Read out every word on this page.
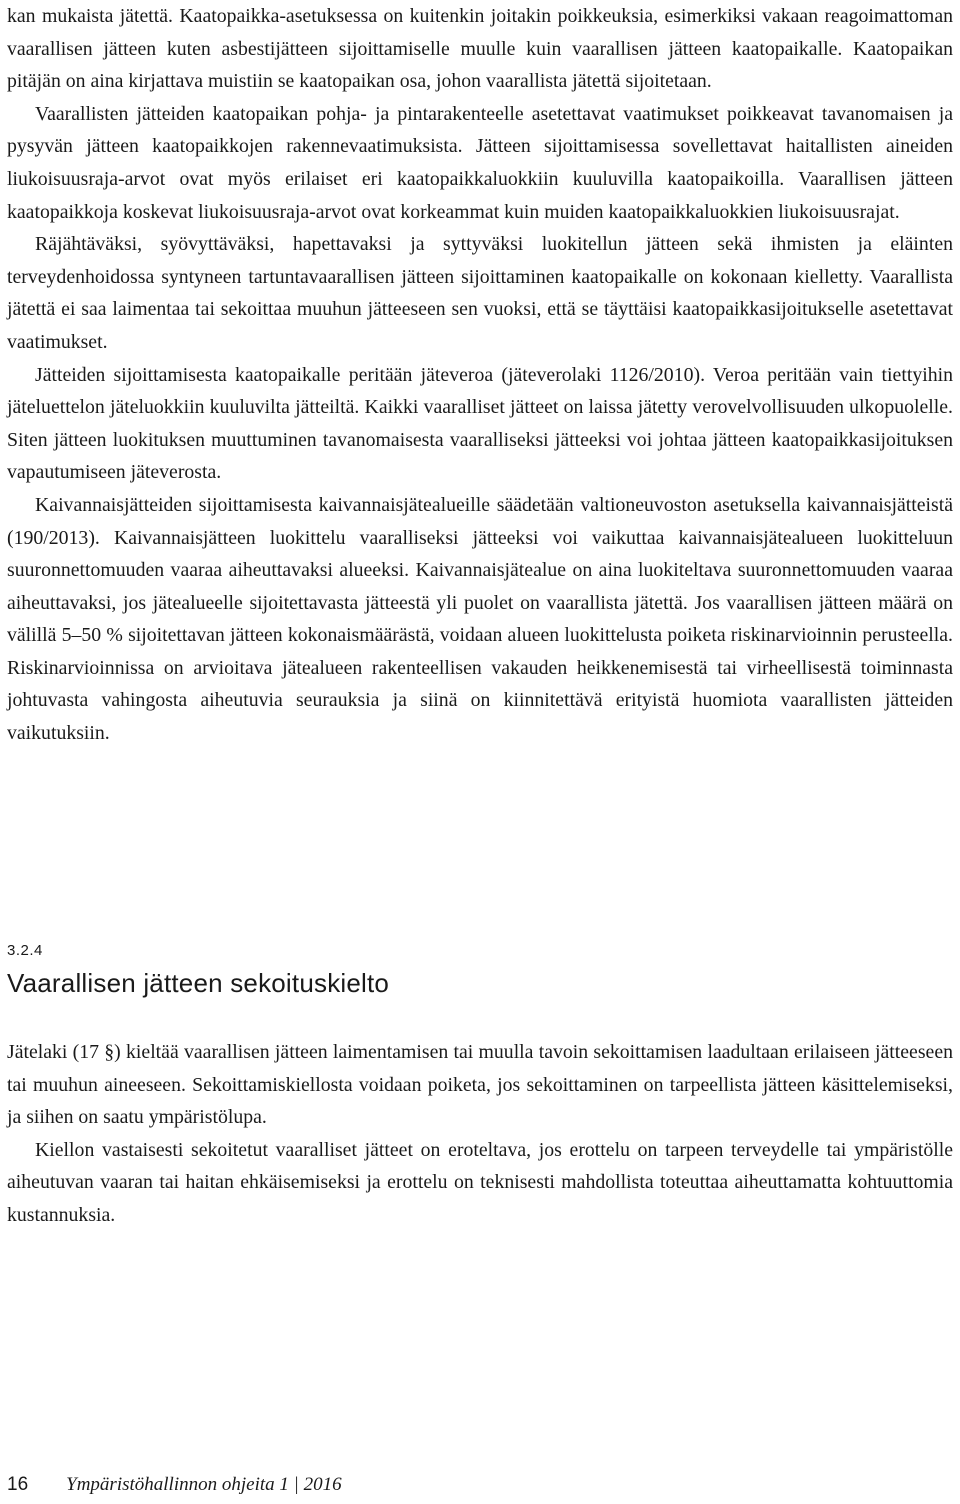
kan mukaista jätettä. Kaatopaikka-asetuksessa on kuitenkin joitakin poikkeuksia, esimerkiksi vakaan reagoimattoman vaarallisen jätteen kuten asbestijätteen sijoittamiselle muulle kuin vaarallisen jätteen kaatopaikalle. Kaatopaikan pitäjän on aina kirjattava muistiin se kaatopaikan osa, johon vaarallista jätettä sijoitetaan.

Vaarallisten jätteiden kaatopaikan pohja- ja pintarakenteelle asetettavat vaatimukset poikkeavat tavanomaisen ja pysyvän jätteen kaatopaikkojen rakennevaatimuksista. Jätteen sijoittamisessa sovellettavat haitallisten aineiden liukoisuusraja-arvot ovat myös erilaiset eri kaatopaikkaluokkiin kuuluvilla kaatopaikoilla. Vaarallisen jätteen kaatopaikkoja koskevat liukoisuusraja-arvot ovat korkeammat kuin muiden kaatopaikkaluokkien liukoisuusrajat.

Räjähtäväksi, syövyttäväksi, hapettavaksi ja syttyväksi luokitellun jätteen sekä ihmisten ja eläinten terveydenhoidossa syntyneen tartuntavaarallisen jätteen sijoittaminen kaatopaikalle on kokonaan kielletty. Vaarallista jätettä ei saa laimentaa tai sekoittaa muuhun jätteeseen sen vuoksi, että se täyttäisi kaatopaikkasijoitukselle asetettavat vaatimukset.

Jätteiden sijoittamisesta kaatopaikalle peritään jäteveroa (jäteverolaki 1126/2010). Veroa peritään vain tiettyihin jäteluettelon jäteluokkiin kuuluvilta jätteiltä. Kaikki vaaralliset jätteet on laissa jätetty verovelvollisuuden ulkopuolelle. Siten jätteen luokituksen muuttuminen tavanomaisesta vaaralliseksi jätteeksi voi johtaa jätteen kaatopaikkasijoituksen vapautumiseen jäteverosta.

Kaivannaisjätteiden sijoittamisesta kaivannaisjätealueille säädetään valtioneuvoston asetuksella kaivannaisjätteistä (190/2013). Kaivannaisjätteen luokittelu vaaralliseksi jätteeksi voi vaikuttaa kaivannaisjätealueen luokitteluun suuronnettomuuden vaaraa aiheuttavaksi alueeksi. Kaivannaisjätealue on aina luokiteltava suuronnettomuuden vaaraa aiheuttavaksi, jos jätealueelle sijoitettavasta jätteestä yli puolet on vaarallista jätettä. Jos vaarallisen jätteen määrä on välillä 5–50 % sijoitettavan jätteen kokonaismäärästä, voidaan alueen luokittelusta poiketa riskinarvioinnin perusteella. Riskinarvioinnissa on arvioitava jätealueen rakenteellisen vakauden heikkenemisestä tai virheellisestä toiminnasta johtuvasta vahingosta aiheutuvia seurauksia ja siinä on kiinnitettävä erityistä huomiota vaarallisten jätteiden vaikutuksiin.

3.2.4
Vaarallisen jätteen sekoituskielto

Jätelaki (17 §) kieltää vaarallisen jätteen laimentamisen tai muulla tavoin sekoittamisen laadultaan erilaiseen jätteeseen tai muuhun aineeseen. Sekoittamiskiellosta voidaan poiketa, jos sekoittaminen on tarpeellista jätteen käsittelemiseksi, ja siihen on saatu ympäristölupa.

Kiellon vastaisesti sekoitetut vaaralliset jätteet on eroteltava, jos erottelu on tarpeen terveydelle tai ympäristölle aiheutuvan vaaran tai haitan ehkäisemiseksi ja erottelu on teknisesti mahdollista toteuttaa aiheuttamatta kohtuuttomia kustannuksia.

16 Ympäristöhallinnon ohjeita 1 | 2016
